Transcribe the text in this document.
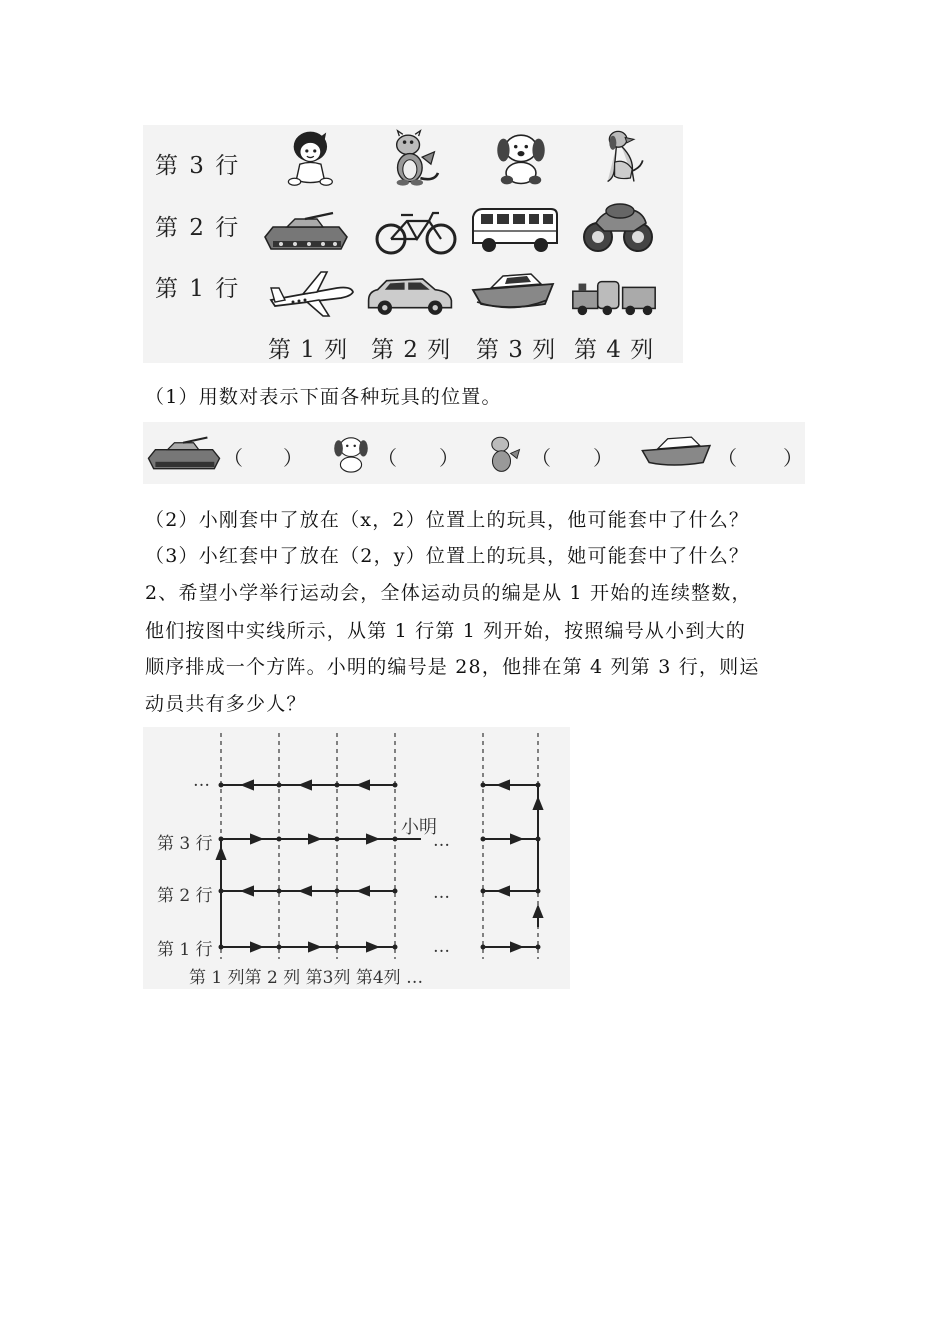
第 3 行
第 2 行
第 1 行
第 1 列 第 2 列 第 3 列 第 4 列
（1）用数对表示下面各种玩具的位置。
（ ）	（ ）	（ ）	（ ）
（2）小刚套中了放在（x，2）位置上的玩具，他可能套中了什么？
（3）小红套中了放在（2，y）位置上的玩具，她可能套中了什么？
2、希望小学举行运动会，全体运动员的编是从 1 开始的连续整数，
他们按图中实线所示，从第 1 行第 1 列开始，按照编号从小到大的
顺序排成一个方阵。小明的编号是 28，他排在第 4 列第 3 行，则运
动员共有多少人？
…
第 3 行
第 2 行
第 1 行
小明
…
…
…
第 1 列第 2 列 第3列 第4列 …
